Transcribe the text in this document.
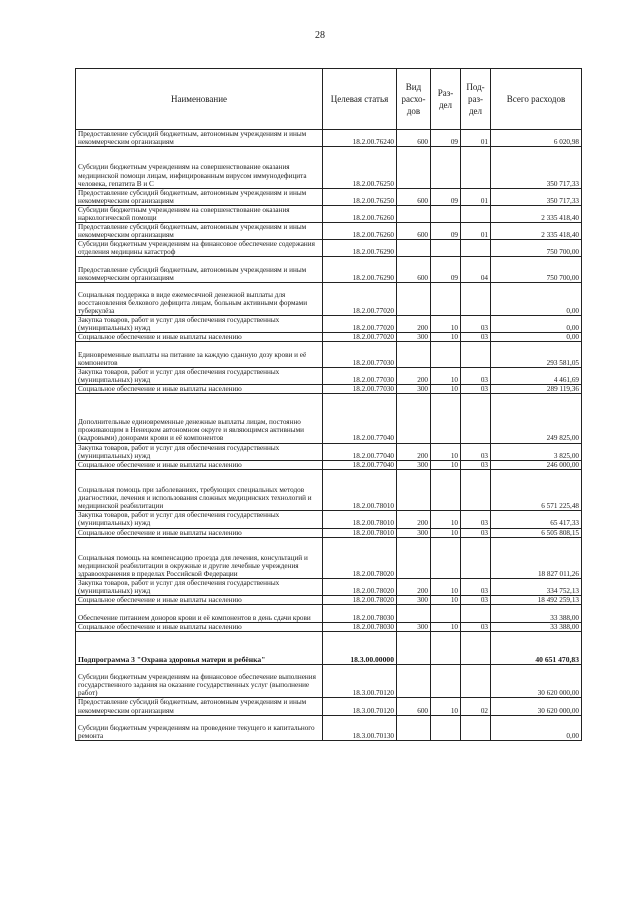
28
Наименование	Целевая статья	Вид расхо-дов	Раз-дел	Под-раз-дел	Всего расходов
Предоставление субсидий бюджетным, автономным учреждениям и иным некоммерческим организациям	18.2.00.76240	600	09	01	6 020,98
Субсидии бюджетным учреждениям на совершенствование оказания медицинской помощи лицам, инфицированным вирусом иммунодефицита человека, гепатита В и С	18.2.00.76250				350 717,33
Предоставление субсидий бюджетным, автономным учреждениям и иным некоммерческим организациям	18.2.00.76250	600	09	01	350 717,33
Субсидии бюджетным учреждениям на совершенствование оказания наркологической помощи	18.2.00.76260				2 335 418,40
Предоставление субсидий бюджетным, автономным учреждениям и иным некоммерческим организациям	18.2.00.76260	600	09	01	2 335 418,40
Субсидии бюджетным учреждениям на финансовое обеспечение содержания отделения медицины катастроф	18.2.00.76290				750 700,00
Предоставление субсидий бюджетным, автономным учреждениям и иным некоммерческим организациям	18.2.00.76290	600	09	04	750 700,00
Социальная поддержка в виде ежемесячной денежной выплаты для восстановления белкового дефицита лицам, больным активными формами туберкулёза	18.2.00.77020				0,00
Закупка товаров, работ и услуг для обеспечения государственных (муниципальных) нужд	18.2.00.77020	200	10	03	0,00
Социальное обеспечение и иные выплаты населению	18.2.00.77020	300	10	03	0,00
Единовременные выплаты на питание за каждую сданную дозу крови и её компонентов	18.2.00.77030				293 581,05
Закупка товаров, работ и услуг для обеспечения государственных (муниципальных) нужд	18.2.00.77030	200	10	03	4 461,69
Социальное обеспечение и иные выплаты населению	18.2.00.77030	300	10	03	289 119,36
Дополнительные единовременные денежные выплаты лицам, постоянно проживающим в Ненецком автономном округе и являющимся активными (кадровыми) донорами крови и её компонентов	18.2.00.77040				249 825,00
Закупка товаров, работ и услуг для обеспечения государственных (муниципальных) нужд	18.2.00.77040	200	10	03	3 825,00
Социальное обеспечение и иные выплаты населению	18.2.00.77040	300	10	03	246 000,00
Социальная помощь при заболеваниях, требующих специальных методов диагностики, лечения и использования сложных медицинских технологий и медицинской реабилитации	18.2.00.78010				6 571 225,48
Закупка товаров, работ и услуг для обеспечения государственных (муниципальных) нужд	18.2.00.78010	200	10	03	65 417,33
Социальное обеспечение и иные выплаты населению	18.2.00.78010	300	10	03	6 505 808,15
Социальная помощь на компенсацию проезда для лечения, консультаций и медицинской реабилитации в окружные и другие лечебные учреждения здравоохранения в пределах Российской Федерации	18.2.00.78020				18 827 011,26
Закупка товаров, работ и услуг для обеспечения государственных (муниципальных) нужд	18.2.00.78020	200	10	03	334 752,13
Социальное обеспечение и иные выплаты населению	18.2.00.78020	300	10	03	18 492 259,13
Обеспечение питанием доноров крови и её компонентов в день сдачи крови	18.2.00.78030				33 388,00
Социальное обеспечение и иные выплаты населению	18.2.00.78030	300	10	03	33 388,00
Подпрограмма 3 "Охрана здоровья матери и ребёнка"	18.3.00.00000				40 651 470,83
Субсидии бюджетным учреждениям на финансовое обеспечение выполнения государственного задания на оказание государственных услуг (выполнение работ)	18.3.00.70120				30 620 000,00
Предоставление субсидий бюджетным, автономным учреждениям и иным некоммерческим организациям	18.3.00.70120	600	10	02	30 620 000,00
Субсидии бюджетным учреждениям на проведение текущего и капитального ремонта	18.3.00.70130				0,00
